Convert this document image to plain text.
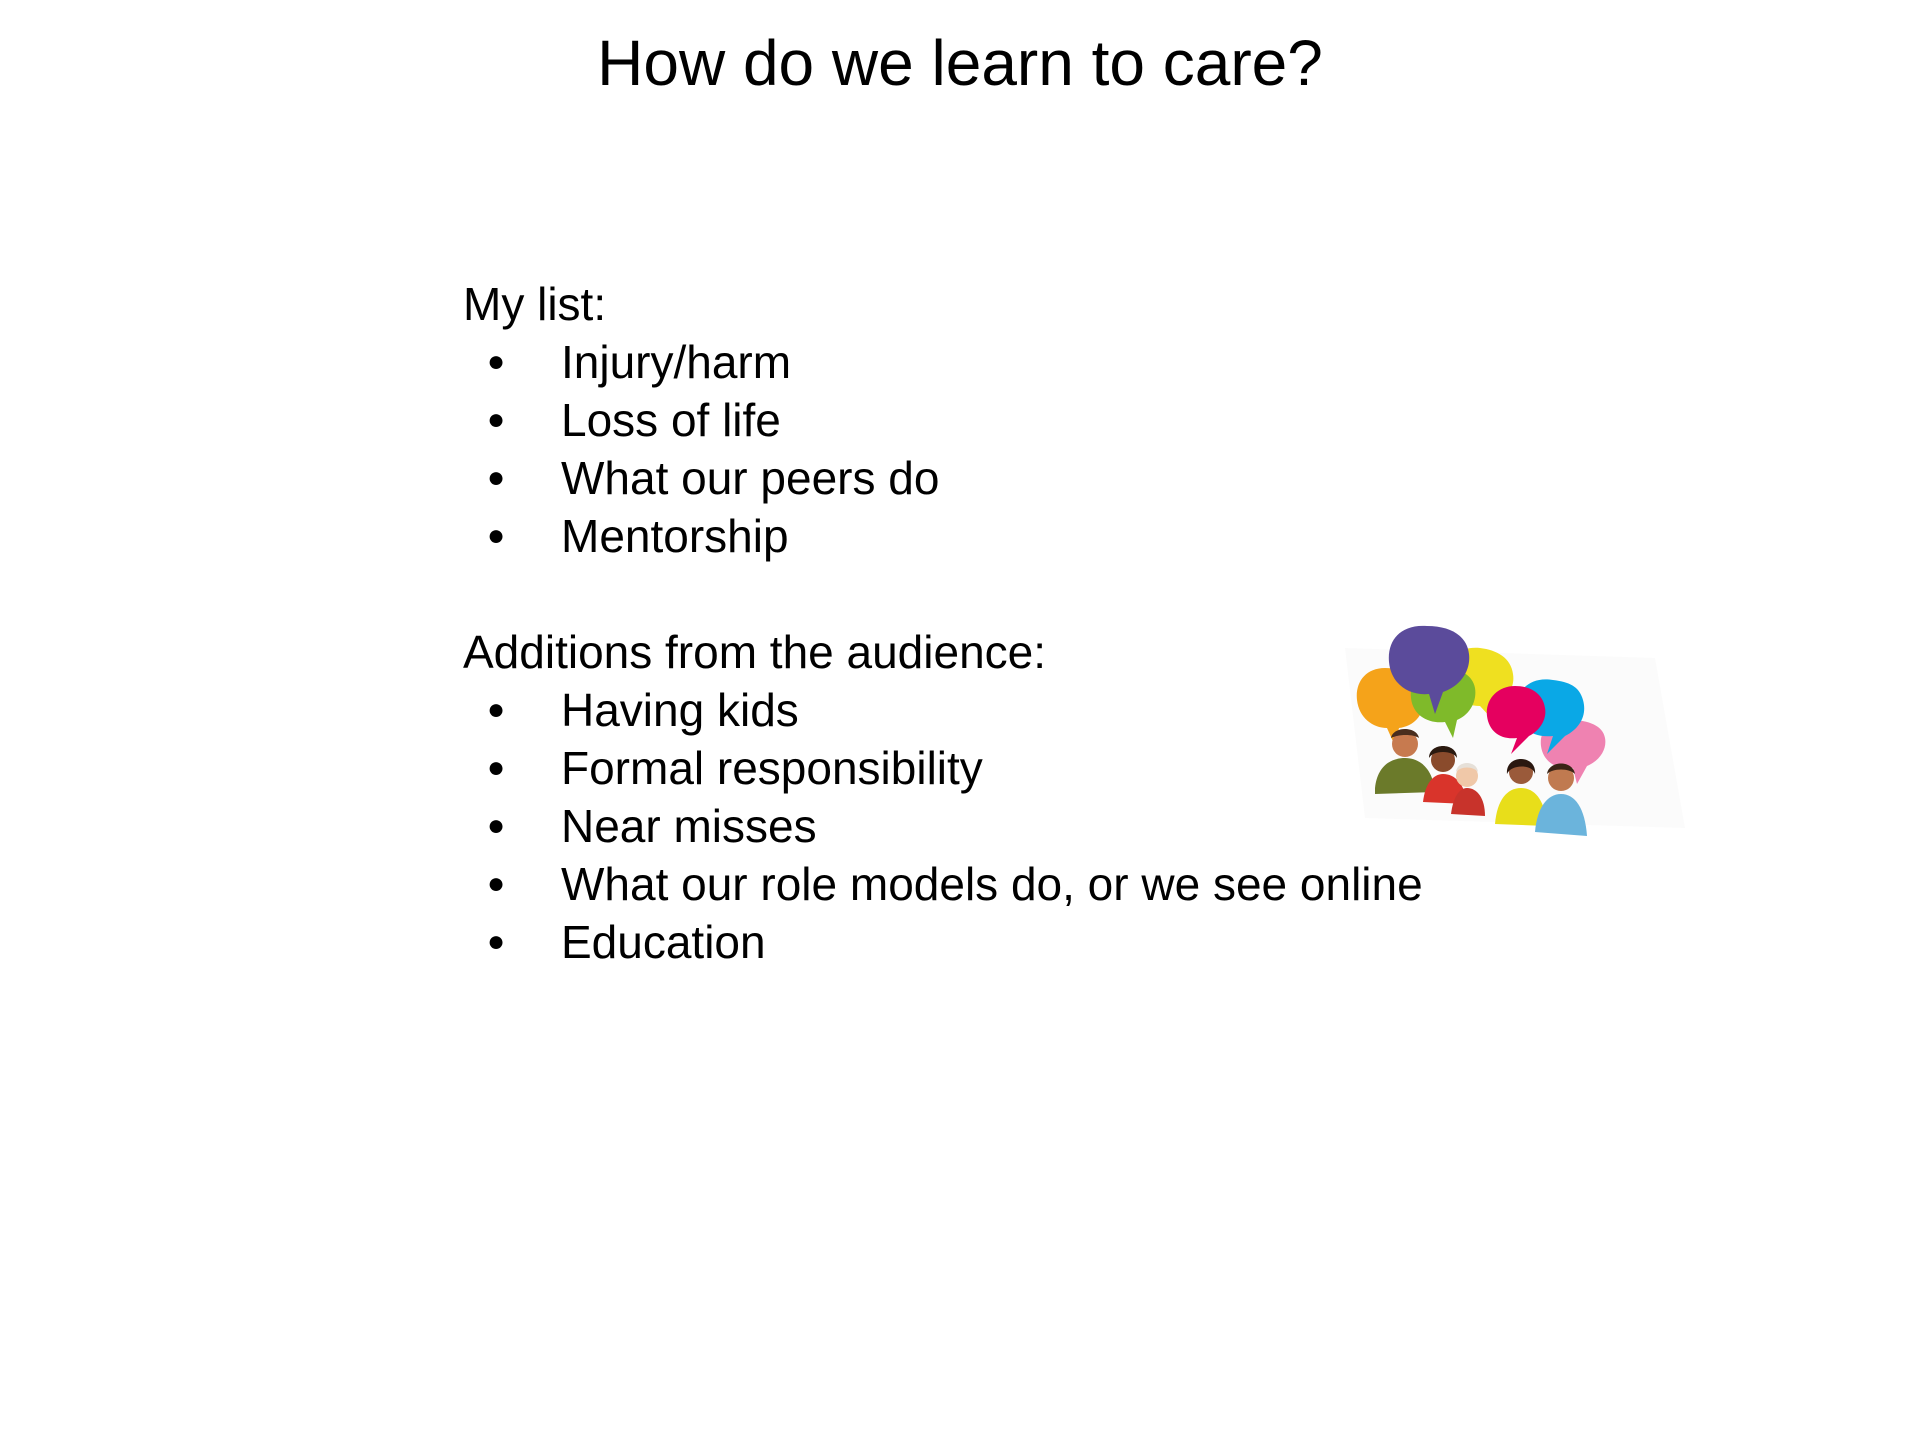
How do we learn to care?

My list:

● Injury/harm
● Loss of life
● What our peers do
● Mentorship

Additions from the audience:

● Having kids
● Formal responsibility
● Near misses
● What our role models do, or we see online
● Education
